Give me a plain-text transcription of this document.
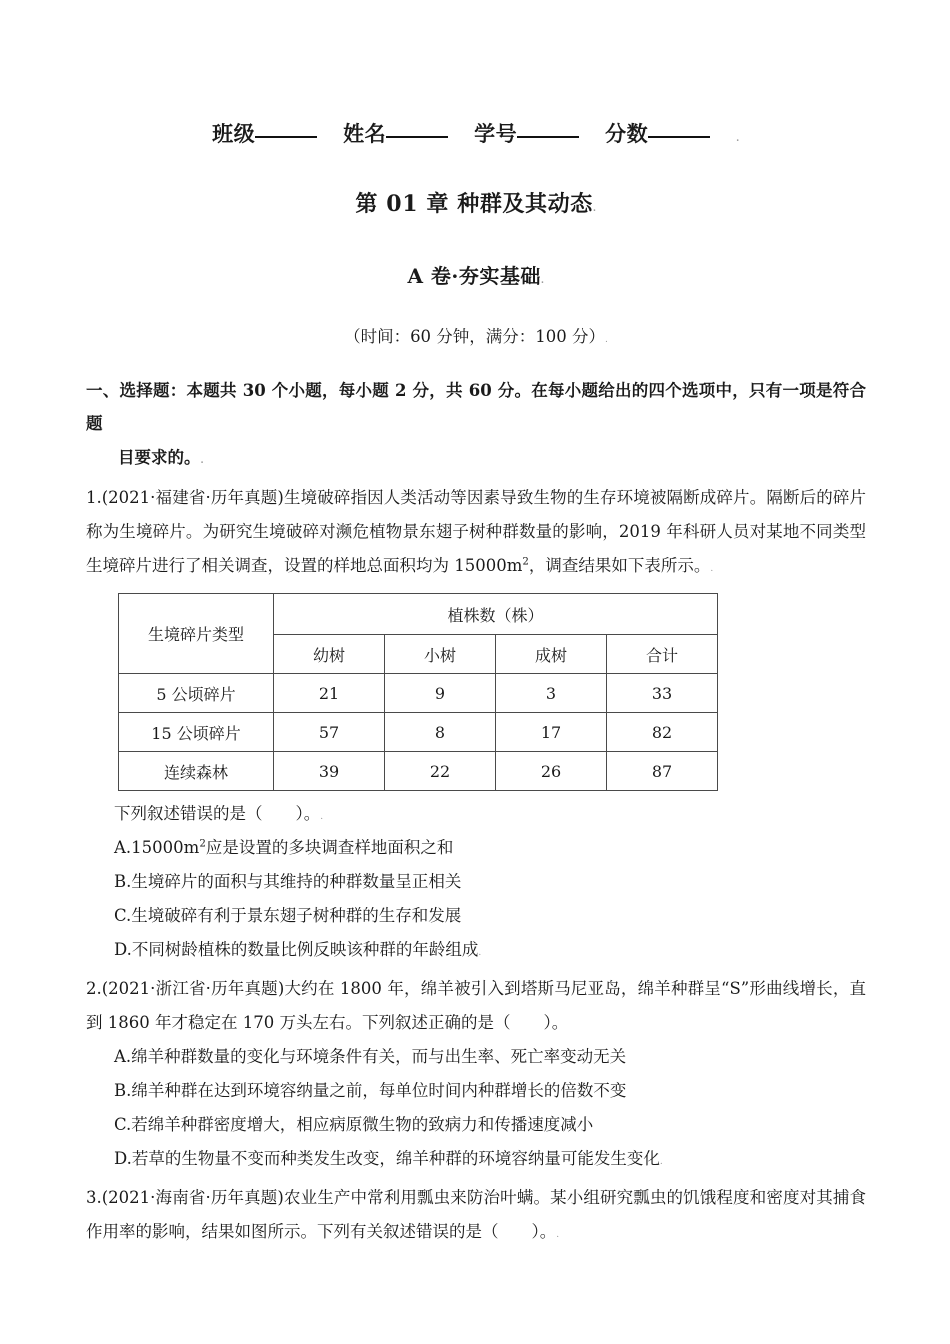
班级	姓名	学号	分数	.
第 01 章 种群及其动态.
A 卷·夯实基础.
（时间：60 分钟，满分：100 分）.
一、选择题：本题共 30 个小题，每小题 2 分，共 60 分。在每小题给出的四个选项中，只有一项是符合题
目要求的。.
1.(2021·福建省·历年真题)生境破碎指因人类活动等因素导致生物的生存环境被隔断成碎片。隔断后的碎片称为生境碎片。为研究生境破碎对濒危植物景东翅子树种群数量的影响，2019 年科研人员对某地不同类型生境碎片进行了相关调查，设置的样地总面积均为 $15000m^2$，调查结果如下表所示。.
生境碎片类型	植株数（株）			
	幼树	小树	成树	合计
5 公顷碎片	21	9	3	33
15 公顷碎片	57	8	17	82
连续森林	39	22	26	87
下列叙述错误的是（　　）。.
$A.15000m^2$应是设置的多块调查样地面积之和
B.生境碎片的面积与其维持的种群数量呈正相关
C.生境破碎有利于景东翅子树种群的生存和发展
D.不同树龄植株的数量比例反映该种群的年龄组成.
2.(2021·浙江省·历年真题)大约在 1800 年，绵羊被引入到塔斯马尼亚岛，绵羊种群呈“S”形曲线增长，直到 1860 年才稳定在 170 万头左右。下列叙述正确的是（　　）。
A.绵羊种群数量的变化与环境条件有关，而与出生率、死亡率变动无关
B.绵羊种群在达到环境容纳量之前，每单位时间内种群增长的倍数不变
C.若绵羊种群密度增大，相应病原微生物的致病力和传播速度减小
D.若草的生物量不变而种类发生改变，绵羊种群的环境容纳量可能发生变化.
3.(2021·海南省·历年真题)农业生产中常利用瓢虫来防治叶螨。某小组研究瓢虫的饥饿程度和密度对其捕食作用率的影响，结果如图所示。下列有关叙述错误的是（　　）。.
